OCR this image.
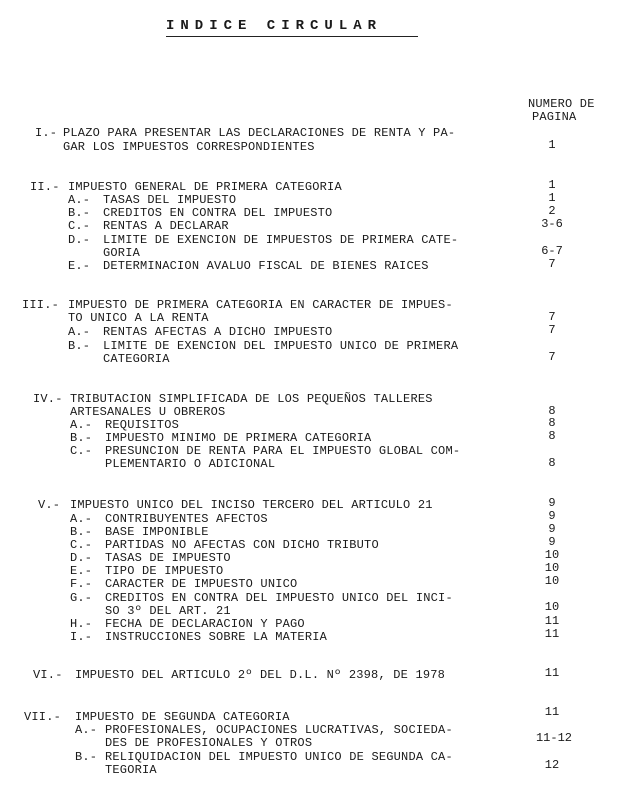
INDICE CIRCULAR
NUMERO DE
PAGINA
I.- PLAZO PARA PRESENTAR LAS DECLARACIONES DE RENTA Y PA-
GAR LOS IMPUESTOS CORRESPONDIENTES	1
II.- IMPUESTO GENERAL DE PRIMERA CATEGORIA	1
A.- TASAS DEL IMPUESTO	1
B.- CREDITOS EN CONTRA DEL IMPUESTO	2
C.- RENTAS A DECLARAR	3-6
D.- LIMITE DE EXENCION DE IMPUESTOS DE PRIMERA CATE-
GORIA	6-7
E.- DETERMINACION AVALUO FISCAL DE BIENES RAICES	7
III.- IMPUESTO DE PRIMERA CATEGORIA EN CARACTER DE IMPUES-
TO UNICO A LA RENTA	7
A.- RENTAS AFECTAS A DICHO IMPUESTO	7
B.- LIMITE DE EXENCION DEL IMPUESTO UNICO DE PRIMERA
CATEGORIA	7
IV.- TRIBUTACION SIMPLIFICADA DE LOS PEQUEÑOS TALLERES
ARTESANALES U OBREROS	8
A.- REQUISITOS	8
B.- IMPUESTO MINIMO DE PRIMERA CATEGORIA	8
C.- PRESUNCION DE RENTA PARA EL IMPUESTO GLOBAL COM-
PLEMENTARIO O ADICIONAL	8
V.- IMPUESTO UNICO DEL INCISO TERCERO DEL ARTICULO 21	9
A.- CONTRIBUYENTES AFECTOS	9
B.- BASE IMPONIBLE	9
C.- PARTIDAS NO AFECTAS CON DICHO TRIBUTO	9
D.- TASAS DE IMPUESTO	10
E.- TIPO DE IMPUESTO	10
F.- CARACTER DE IMPUESTO UNICO	10
G.- CREDITOS EN CONTRA DEL IMPUESTO UNICO DEL INCI-
SO 3º DEL ART. 21	10
H.- FECHA DE DECLARACION Y PAGO	11
I.- INSTRUCCIONES SOBRE LA MATERIA	11
VI.- IMPUESTO DEL ARTICULO 2º DEL D.L. Nº 2398, DE 1978	11
VII.- IMPUESTO DE SEGUNDA CATEGORIA	11
A.- PROFESIONALES, OCUPACIONES LUCRATIVAS, SOCIEDA-
DES DE PROFESIONALES Y OTROS	11-12
B.- RELIQUIDACION DEL IMPUESTO UNICO DE SEGUNDA CA-
TEGORIA	12
